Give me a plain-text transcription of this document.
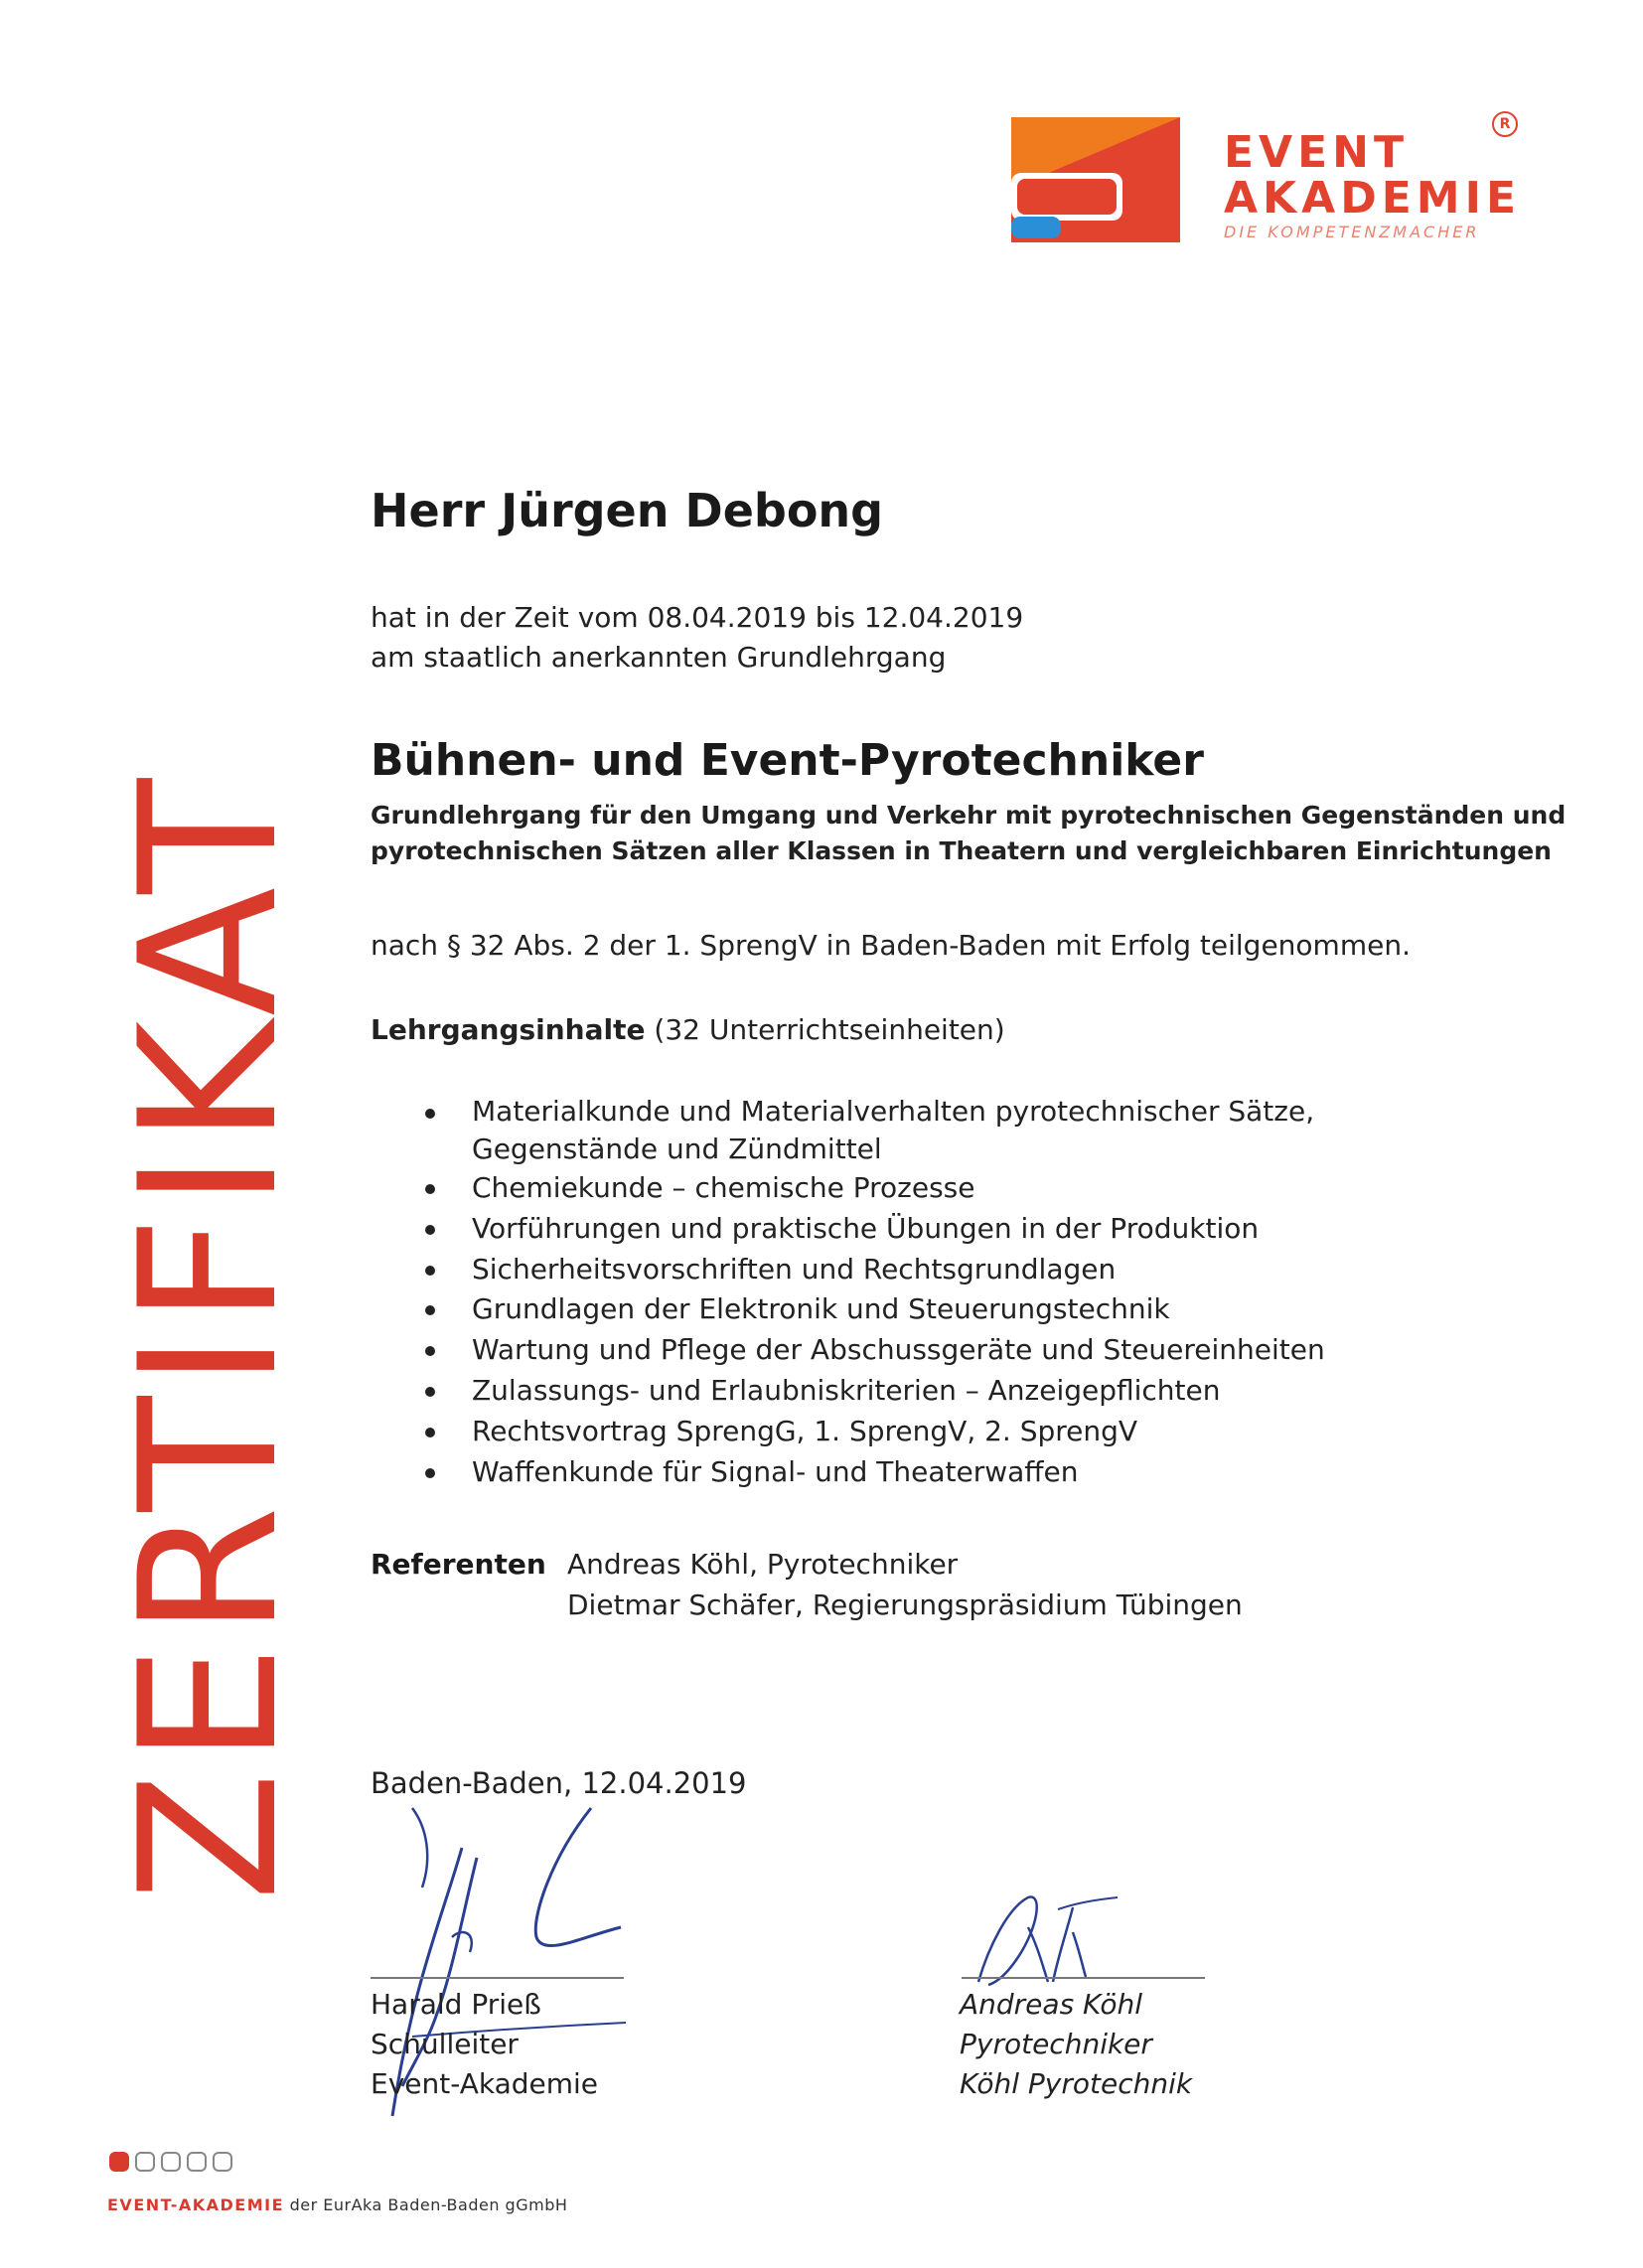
EVENT
AKADEMIE
DIE KOMPETENZMACHER
R
ZERTIFIKAT
Herr Jürgen Debong
hat in der Zeit vom 08.04.2019 bis 12.04.2019
am staatlich anerkannten Grundlehrgang
Bühnen- und Event-Pyrotechniker
Grundlehrgang für den Umgang und Verkehr mit pyrotechnischen Gegenständen und
pyrotechnischen Sätzen aller Klassen in Theatern und vergleichbaren Einrichtungen
nach § 32 Abs. 2 der 1. SprengV in Baden-Baden mit Erfolg teilgenommen.
Lehrgangsinhalte (32 Unterrichtseinheiten)
Materialkunde und Materialverhalten pyrotechnischer Sätze,
Gegenstände und Zündmittel
Chemiekunde – chemische Prozesse
Vorführungen und praktische Übungen in der Produktion
Sicherheitsvorschriften und Rechtsgrundlagen
Grundlagen der Elektronik und Steuerungstechnik
Wartung und Pflege der Abschussgeräte und Steuereinheiten
Zulassungs- und Erlaubniskriterien – Anzeigepflichten
Rechtsvortrag SprengG, 1. SprengV, 2. SprengV
Waffenkunde für Signal- und Theaterwaffen
Referenten Andreas Köhl, Pyrotechniker
Dietmar Schäfer, Regierungspräsidium Tübingen
Baden-Baden, 12.04.2019
Harald Prieß
Schulleiter
Event-Akademie
Andreas Köhl
Pyrotechniker
Köhl Pyrotechnik
EVENT-AKADEMIE der EurAka Baden-Baden gGmbH
